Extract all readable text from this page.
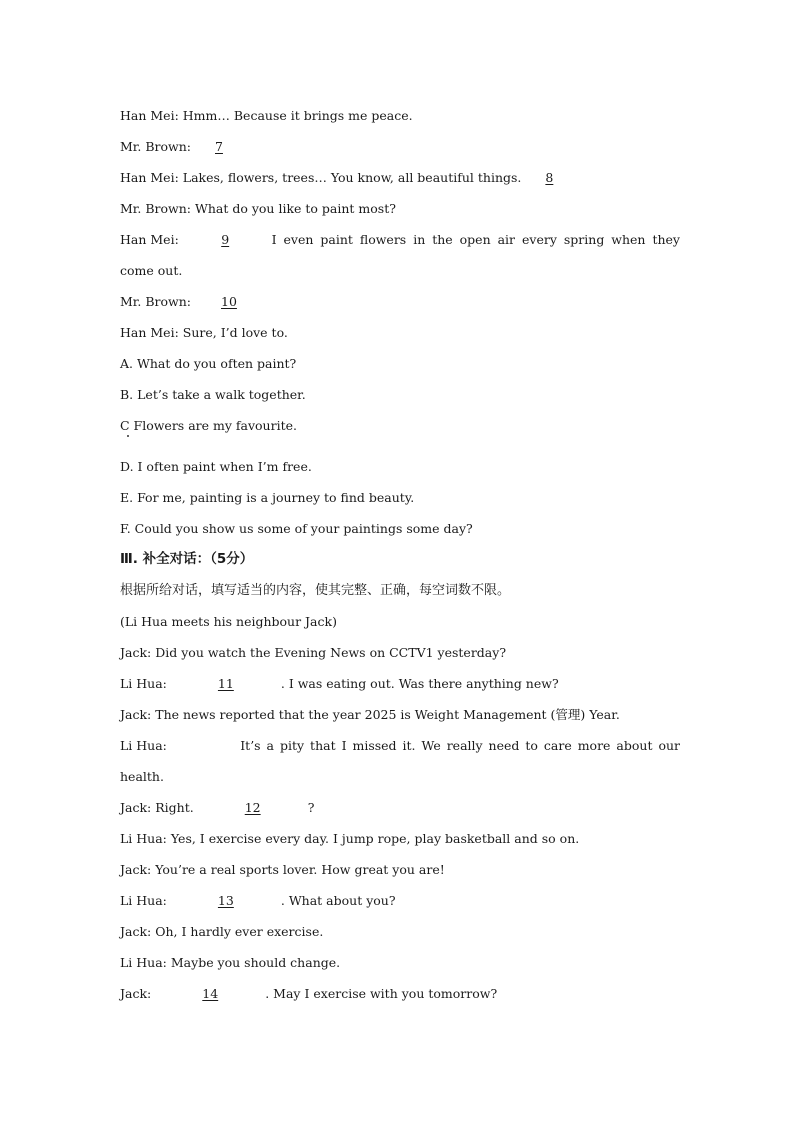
Han Mei: Hmm… Because it brings me peace.
Mr. Brown: 7
Han Mei: Lakes, flowers, trees… You know, all beautiful things. 8
Mr. Brown: What do you like to paint most?
Han Mei:	9	I even paint flowers in the open air every spring when they
come out.
Mr. Brown: 10
Han Mei: Sure, I’d love to.
A. What do you often paint?
B. Let’s take a walk together.
C Flowers are my favourite.
D. I often paint when I’m free.
E. For me, painting is a journey to find beauty.
F. Could you show us some of your paintings some day?
Ⅲ. 补全对话：（5分）
根据所给对话，填写适当的内容，使其完整、正确，每空词数不限。
(Li Hua meets his neighbour Jack)
Jack: Did you watch the Evening News on CCTV1 yesterday?
Li Hua:	11	. I was eating out. Was there anything new?
Jack: The news reported that the year 2025 is Weight Management (管理) Year.
Li Hua:	It’s a pity that I missed it. We really need to care more about our
health.
Jack: Right.	12	?
Li Hua: Yes, I exercise every day. I jump rope, play basketball and so on.
Jack: You’re a real sports lover. How great you are!
Li Hua:	13	. What about you?
Jack: Oh, I hardly ever exercise.
Li Hua: Maybe you should change.
Jack:	14	. May I exercise with you tomorrow?
